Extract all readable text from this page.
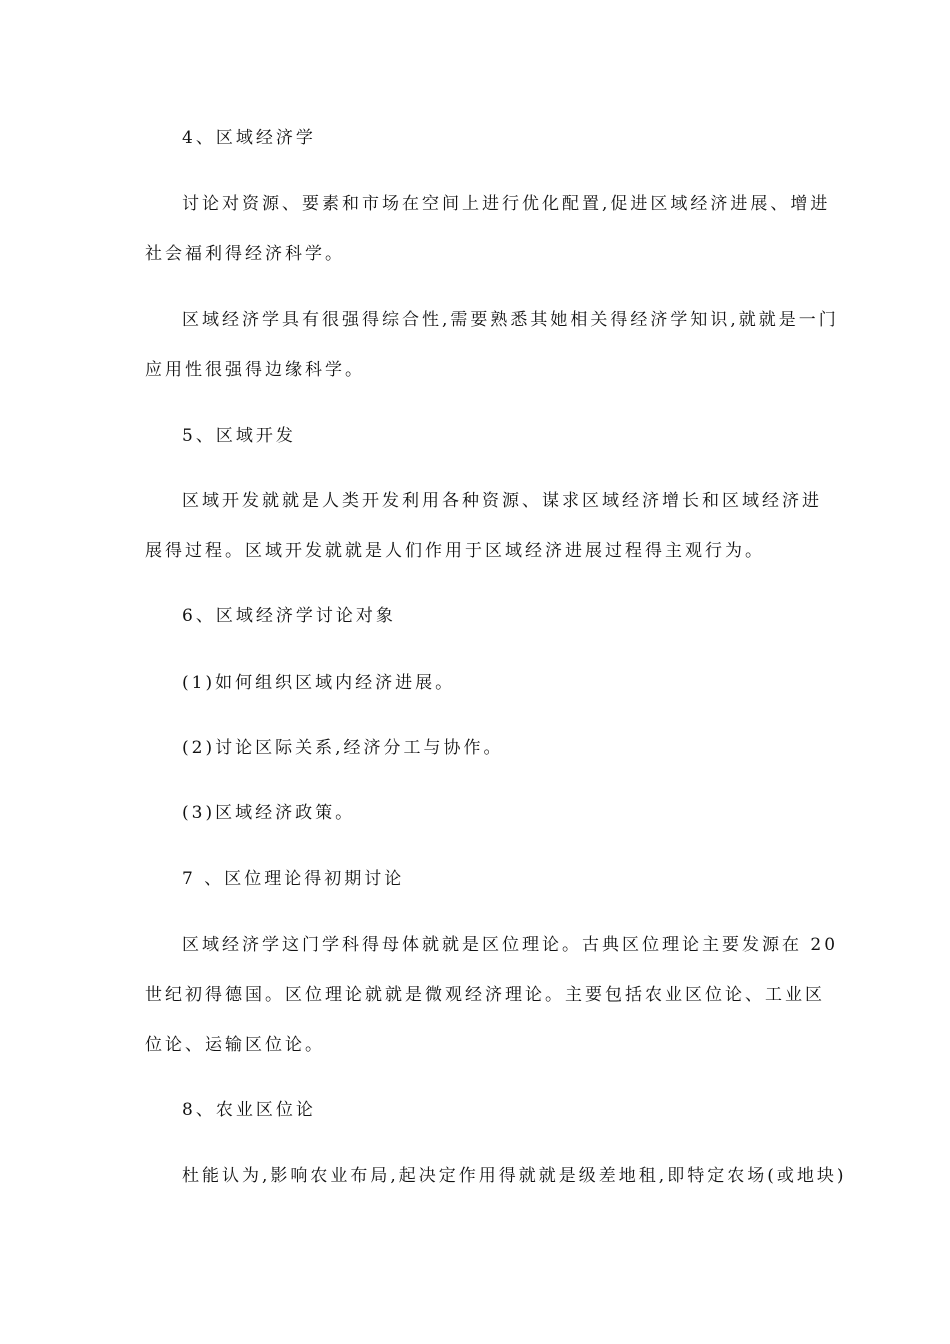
4、区域经济学

讨论对资源、要素和市场在空间上进行优化配置,促进区域经济进展、增进

社会福利得经济科学。

区域经济学具有很强得综合性,需要熟悉其她相关得经济学知识,就就是一门

应用性很强得边缘科学。

5、区域开发

区域开发就就是人类开发利用各种资源、谋求区域经济增长和区域经济进

展得过程。区域开发就就是人们作用于区域经济进展过程得主观行为。

6、区域经济学讨论对象

(1)如何组织区域内经济进展。

(2)讨论区际关系,经济分工与协作。

(3)区域经济政策。

7 、区位理论得初期讨论

区域经济学这门学科得母体就就是区位理论。古典区位理论主要发源在 20

世纪初得德国。区位理论就就是微观经济理论。主要包括农业区位论、工业区

位论、运输区位论。

8、农业区位论

杜能认为,影响农业布局,起决定作用得就就是级差地租,即特定农场(或地块)
